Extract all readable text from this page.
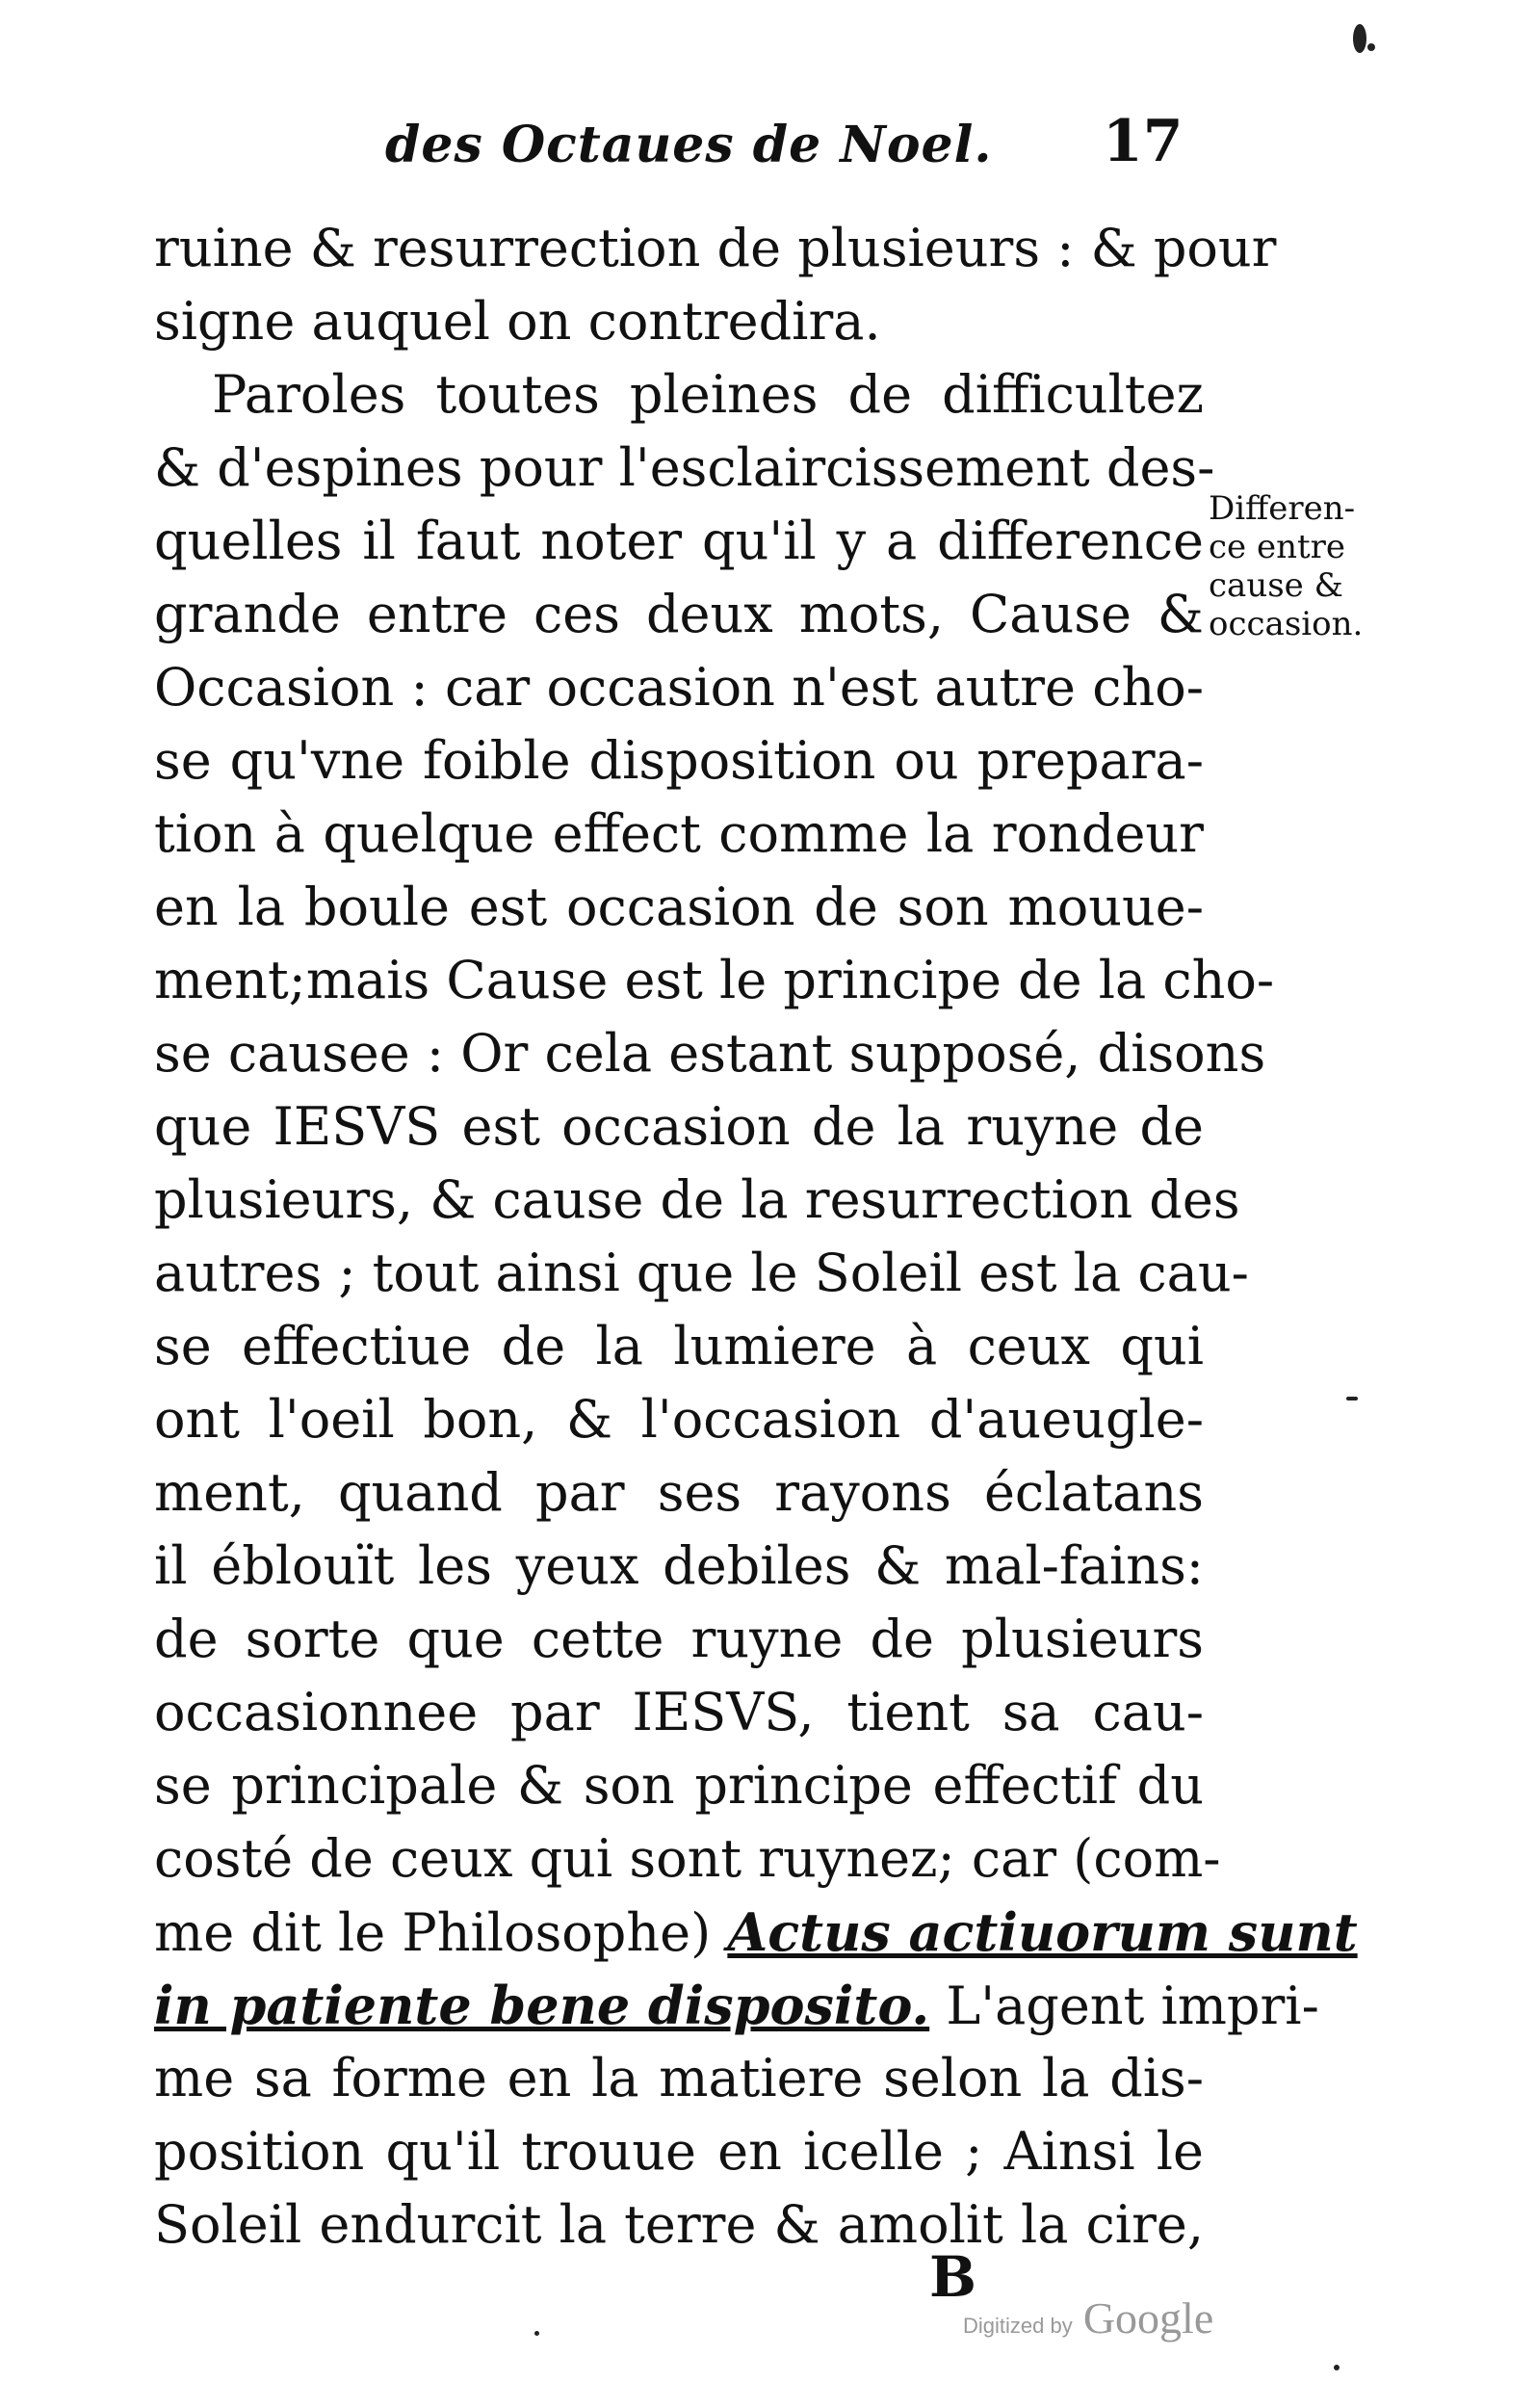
des Octaues de Noel. 17
ruine & resurrection de plusieurs : & pour
signe auquel on contredira.
Paroles toutes pleines de difficultez
& d'espines pour l'esclaircissement des-
quelles il faut noter qu'il y a difference
grande entre ces deux mots, Cause &
Occasion : car occasion n'est autre cho-
se qu'vne foible disposition ou prepara-
tion à quelque effect comme la rondeur
en la boule est occasion de son mouue-
ment;mais Cause est le principe de la cho-
se causee : Or cela estant supposé, disons
que IESVS est occasion de la ruyne de
plusieurs, & cause de la resurrection des
autres ; tout ainsi que le Soleil est la cau-
se effectiue de la lumiere à ceux qui
ont l'oeil bon, & l'occasion d'aueugle-
ment, quand par ses rayons éclatans
il éblouït les yeux debiles & mal-fains:
de sorte que cette ruyne de plusieurs
occasionnee par IESVS, tient sa cau-
se principale & son principe effectif du
costé de ceux qui sont ruynez; car (com-
me dit le Philosophe) Actus actiuorum sunt
in patiente bene disposito. L'agent impri-
me sa forme en la matiere selon la dis-
position qu'il trouue en icelle ; Ainsi le
Soleil endurcit la terre & amolit la cire,
Differen-
ce entre
cause &
occasion.
B
Digitized by Google
